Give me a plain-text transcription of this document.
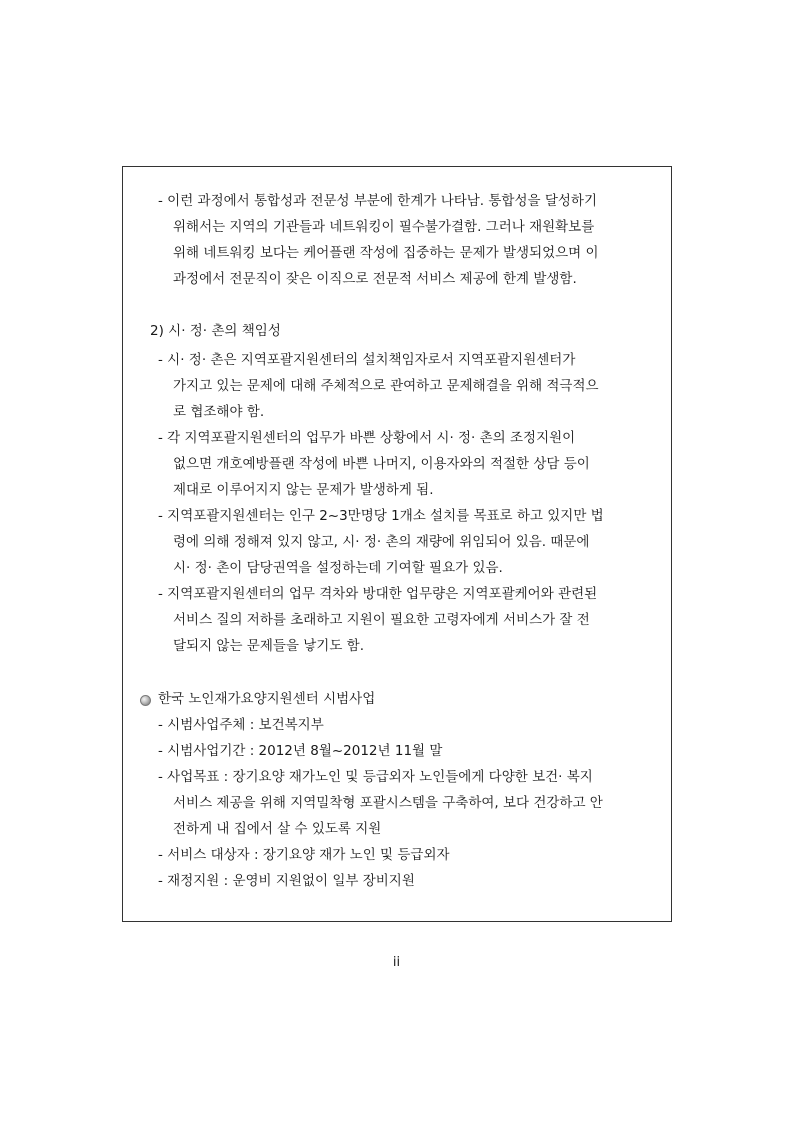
- 이런 과정에서 통합성과 전문성 부분에 한계가 나타남. 통합성을 달성하기
위해서는 지역의 기관들과 네트워킹이 필수불가결함. 그러나 재원확보를
위해 네트워킹 보다는 케어플랜 작성에 집중하는 문제가 발생되었으며 이
과정에서 전문직이 잦은 이직으로 전문적 서비스 제공에 한계 발생함.
2) 시· 정· 촌의 책임성
- 시· 정· 촌은 지역포괄지원센터의 설치책임자로서 지역포괄지원센터가
가지고 있는 문제에 대해 주체적으로 관여하고 문제해결을 위해 적극적으
로 협조해야 함.
- 각 지역포괄지원센터의 업무가 바쁜 상황에서 시· 정· 촌의 조정지원이
없으면 개호예방플랜 작성에 바쁜 나머지, 이용자와의 적절한 상담 등이
제대로 이루어지지 않는 문제가 발생하게 됨.
- 지역포괄지원센터는 인구 2~3만명당 1개소 설치를 목표로 하고 있지만 법
령에 의해 정해져 있지 않고, 시· 정· 촌의 재량에 위임되어 있음. 때문에
시· 정· 촌이 담당권역을 설정하는데 기여할 필요가 있음.
- 지역포괄지원센터의 업무 격차와 방대한 업무량은 지역포괄케어와 관련된
서비스 질의 저하를 초래하고 지원이 필요한 고령자에게 서비스가 잘 전
달되지 않는 문제들을 낳기도 함.
한국 노인재가요양지원센터 시범사업
- 시범사업주체 : 보건복지부
- 시범사업기간 : 2012년 8월~2012년 11월 말
- 사업목표 : 장기요양 재가노인 및 등급외자 노인들에게 다양한 보건· 복지
서비스 제공을 위해 지역밀착형 포괄시스템을 구축하여, 보다 건강하고 안
전하게 내 집에서 살 수 있도록 지원
- 서비스 대상자 : 장기요양 재가 노인 및 등급외자
- 재정지원 : 운영비 지원없이 일부 장비지원
ii
